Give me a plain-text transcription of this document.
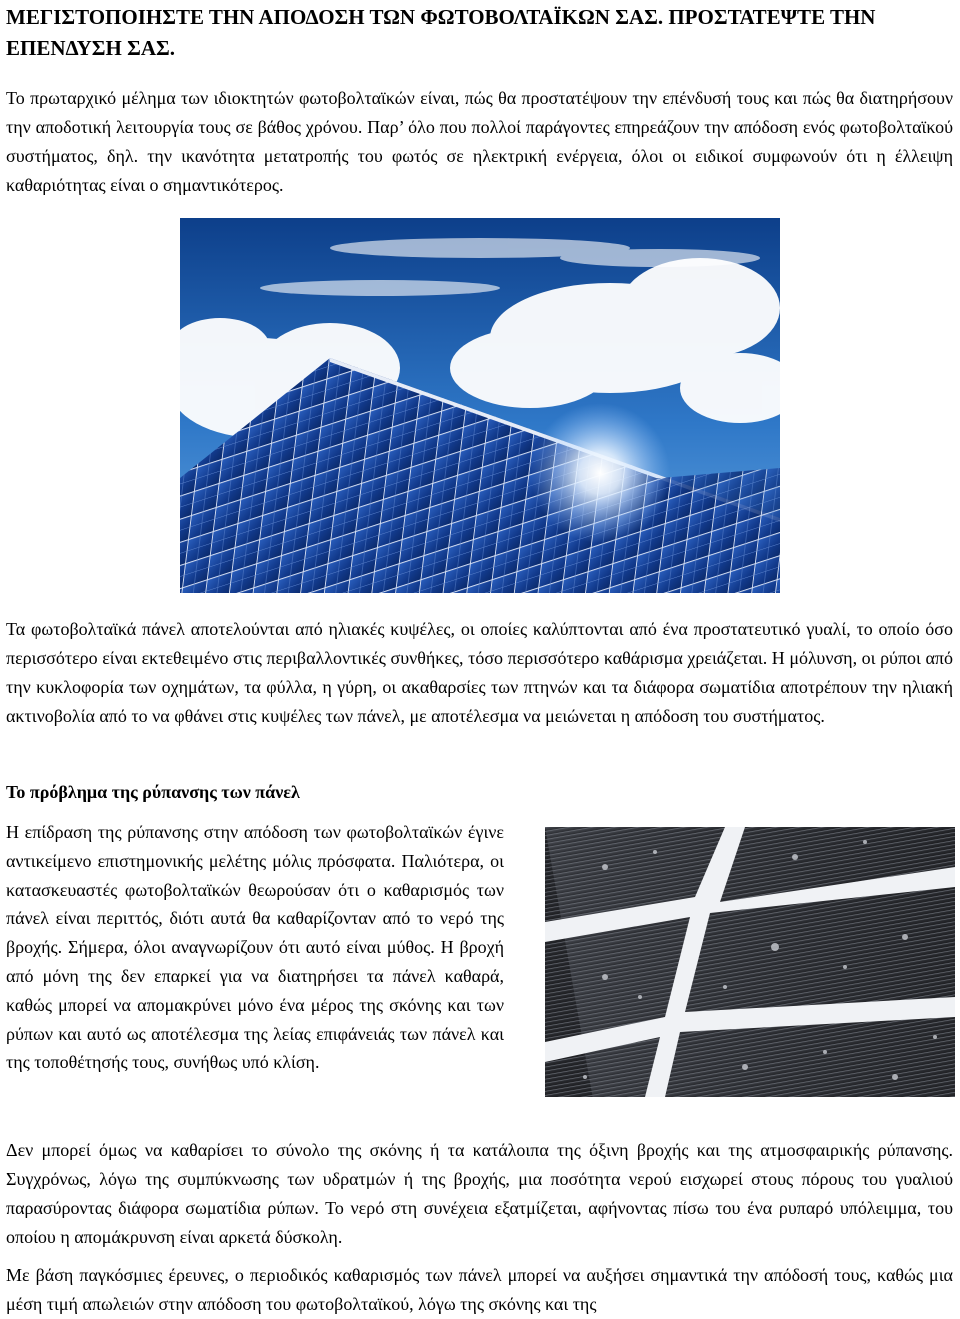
ΜΕΓΙΣΤΟΠΟΙΗΣΤΕ ΤΗΝ ΑΠΟΔΟΣΗ ΤΩΝ ΦΩΤΟΒΟΛΤΑΪΚΩΝ ΣΑΣ. ΠΡΟΣΤΑΤΕΨΤΕ ΤΗΝ ΕΠΕΝΔΥΣΗ ΣΑΣ.

Το πρωταρχικό μέλημα των ιδιοκτητών φωτοβολταϊκών είναι, πώς θα προστατέψουν την επένδυσή τους και πώς θα διατηρήσουν την αποδοτική λειτουργία τους σε βάθος χρόνου. Παρ’ όλο που πολλοί παράγοντες επηρεάζουν την απόδοση ενός φωτοβολταϊκού συστήματος, δηλ. την ικανότητα μετατροπής του φωτός σε ηλεκτρική ενέργεια, όλοι οι ειδικοί συμφωνούν ότι η έλλειψη καθαριότητας είναι ο σημαντικότερος.

Τα φωτοβολταϊκά πάνελ αποτελούνται από ηλιακές κυψέλες, οι οποίες καλύπτονται από ένα προστατευτικό γυαλί, το οποίο όσο περισσότερο είναι εκτεθειμένο στις περιβαλλοντικές συνθήκες, τόσο περισσότερο καθάρισμα χρειάζεται. Η μόλυνση, οι ρύποι από την κυκλοφορία των οχημάτων, τα φύλλα, η γύρη, οι ακαθαρσίες των πτηνών και τα διάφορα σωματίδια αποτρέπουν την ηλιακή ακτινοβολία από το να φθάνει στις κυψέλες των πάνελ, με αποτέλεσμα να μειώνεται η απόδοση του συστήματος.

Το πρόβλημα της ρύπανσης των πάνελ

Η επίδραση της ρύπανσης στην απόδοση των φωτοβολταϊκών έγινε αντικείμενο επιστημονικής μελέτης μόλις πρόσφατα. Παλιότερα, οι κατασκευαστές φωτοβολταϊκών θεωρούσαν ότι ο καθαρισμός των πάνελ είναι περιττός, διότι αυτά θα καθαρίζονταν από το νερό της βροχής. Σήμερα, όλοι αναγνωρίζουν ότι αυτό είναι μύθος. Η βροχή από μόνη της δεν επαρκεί για να διατηρήσει τα πάνελ καθαρά, καθώς μπορεί να απομακρύνει μόνο ένα μέρος της σκόνης και των ρύπων και αυτό ως αποτέλεσμα της λείας επιφάνειάς των πάνελ και της τοποθέτησής τους, συνήθως υπό κλίση.

Δεν μπορεί όμως να καθαρίσει το σύνολο της σκόνης ή τα κατάλοιπα της όξινη βροχής και της ατμοσφαιρικής ρύπανσης. Συγχρόνως, λόγω της συμπύκνωσης των υδρατμών ή της βροχής, μια ποσότητα νερού εισχωρεί στους πόρους του γυαλιού παρασύροντας διάφορα σωματίδια ρύπων. Το νερό στη συνέχεια εξατμίζεται, αφήνοντας πίσω του ένα ρυπαρό υπόλειμμα, του οποίου η απομάκρυνση είναι αρκετά δύσκολη.

Με βάση παγκόσμιες έρευνες, ο περιοδικός καθαρισμός των πάνελ μπορεί να αυξήσει σημαντικά την απόδοσή τους, καθώς μια μέση τιμή απωλειών στην απόδοση του φωτοβολταϊκού, λόγω της σκόνης και της
